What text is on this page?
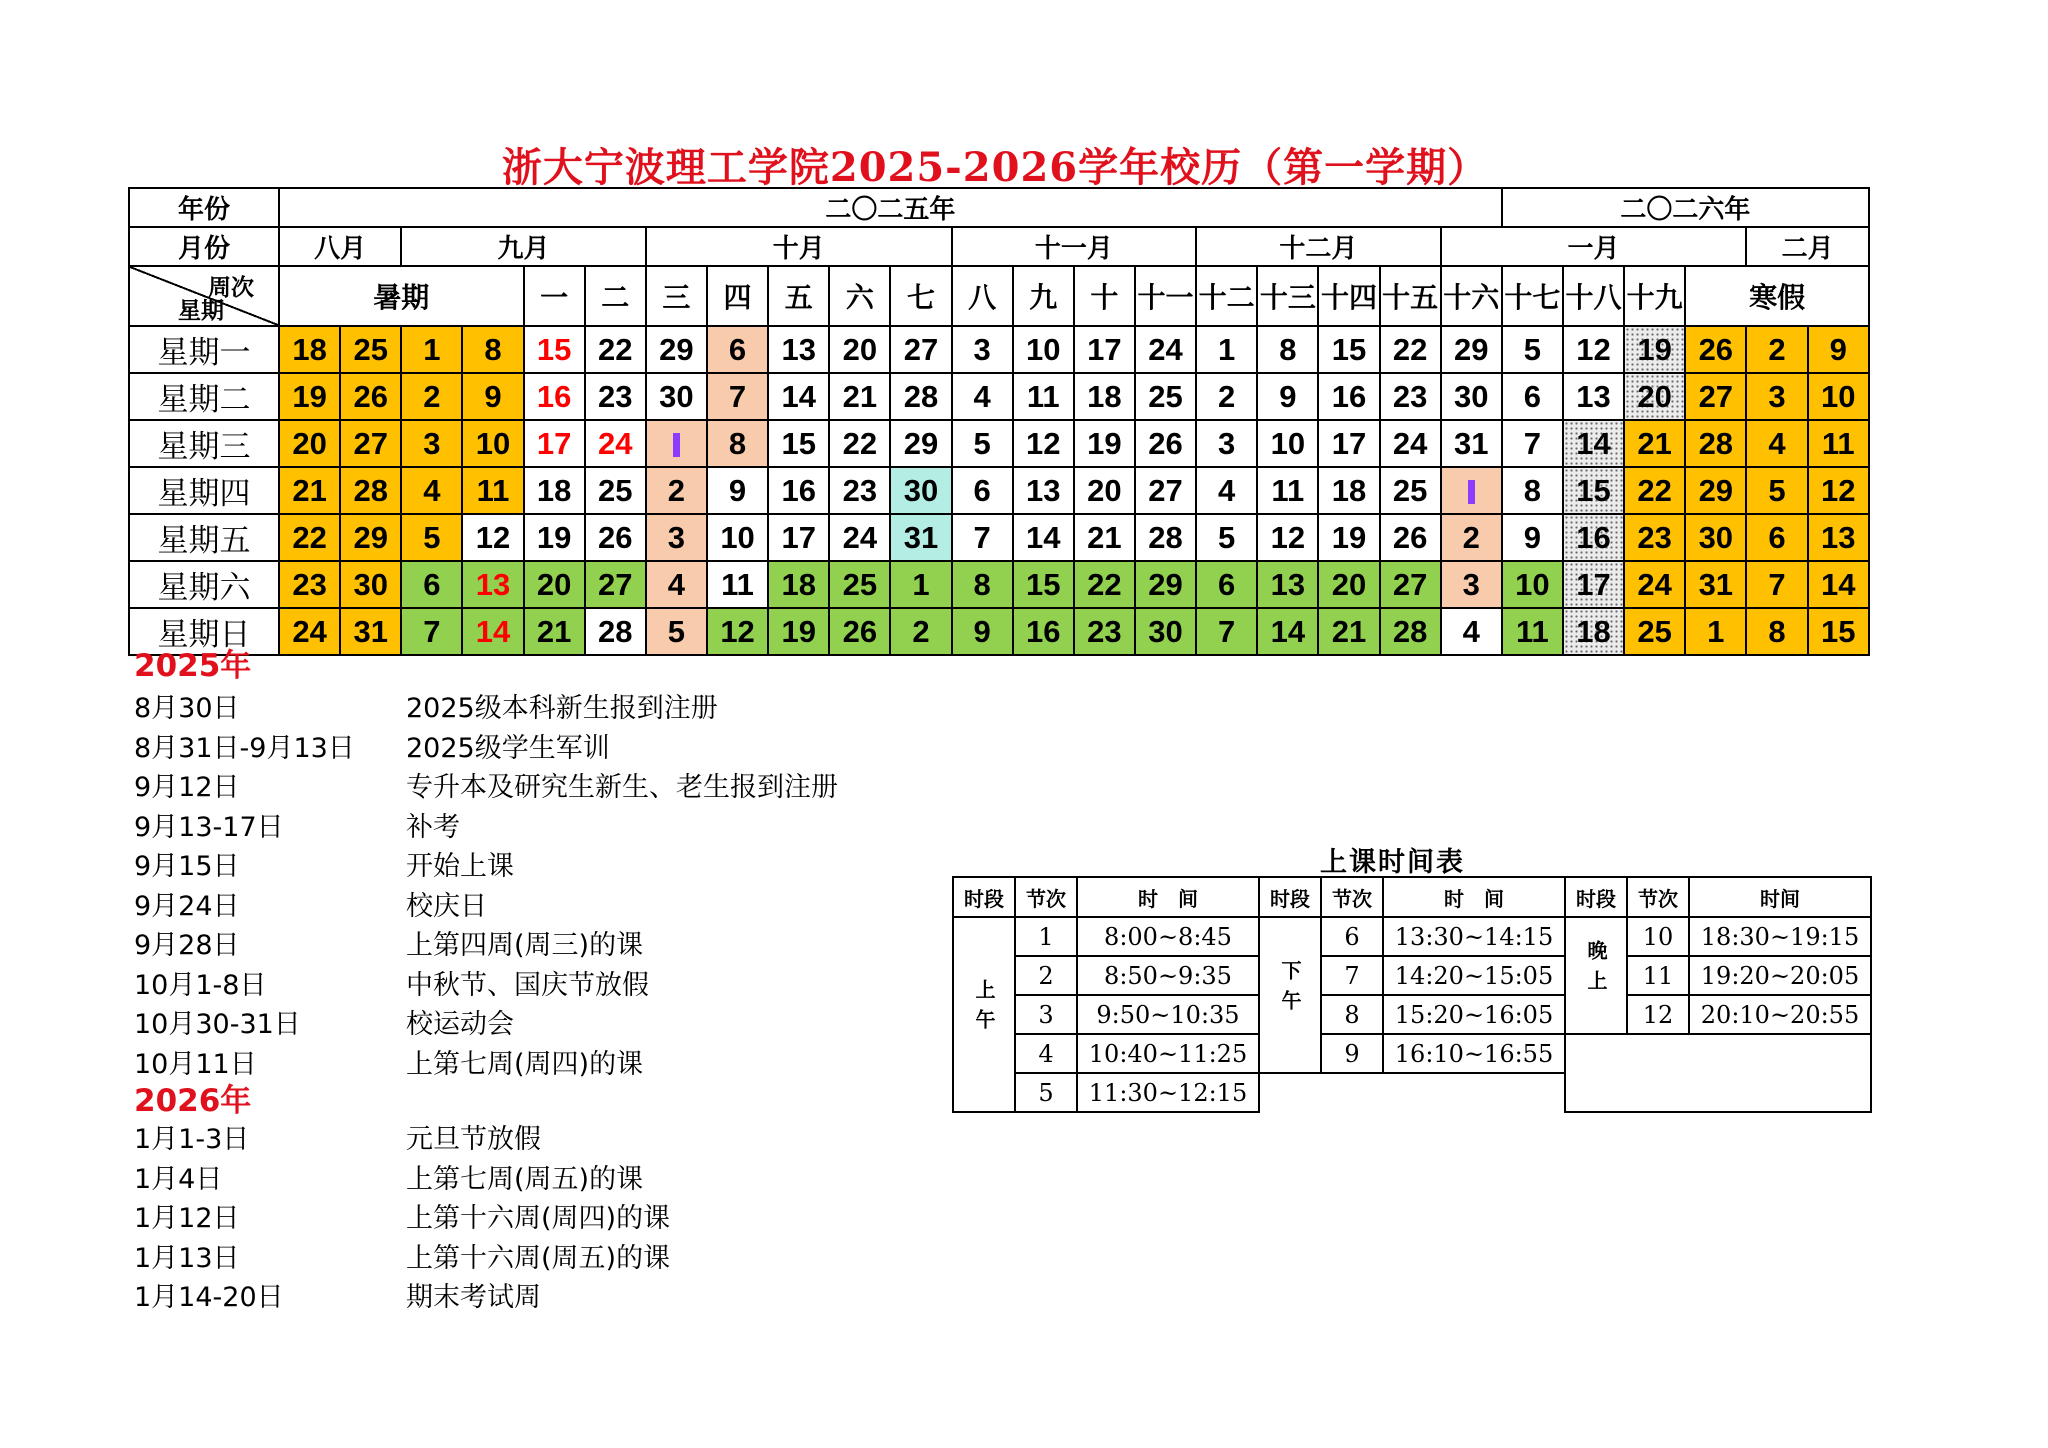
浙大宁波理工学院2025-2026学年校历（第一学期）
年份	二〇二五年																				二〇二六年					
月份	八月		九月				十月					十一月				十二月				一月					二月	

周次
星期	暑期				一	二	三	四	五	六	七	八	九	十	十一	十二	十三	十四	十五	十六	十七	十八	十九	寒假		
星期一	18	25	1	8	15	22	29	6	13	20	27	3	10	17	24	1	8	15	22	29	5	12	19	26	2	9
星期二	19	26	2	9	16	23	30	7	14	21	28	4	11	18	25	2	9	16	23	30	6	13	20	27	3	10
星期三	20	27	3	10	17	24		8	15	22	29	5	12	19	26	3	10	17	24	31	7	14	21	28	4	11
星期四	21	28	4	11	18	25	2	9	16	23	30	6	13	20	27	4	11	18	25		8	15	22	29	5	12
星期五	22	29	5	12	19	26	3	10	17	24	31	7	14	21	28	5	12	19	26	2	9	16	23	30	6	13
星期六	23	30	6	13	20	27	4	11	18	25	1	8	15	22	29	6	13	20	27	3	10	17	24	31	7	14
星期日	24	31	7	14	21	28	5	12	19	26	2	9	16	23	30	7	14	21	28	4	11	18	25	1	8	15
2025年
8月30日	2025级本科新生报到注册
8月31日-9月13日 2025级学生军训
9月12日	专升本及研究生新生、老生报到注册
9月13-17日	补考
9月15日	开始上课
9月24日	校庆日
9月28日	上第四周(周三)的课
10月1-8日	中秋节、国庆节放假
10月30-31日	校运动会
10月11日	上第七周(周四)的课
2026年
1月1-3日	元旦节放假
1月4日	上第七周(周五)的课
1月12日	上第十六周(周四)的课
1月13日	上第十六周(周五)的课
1月14-20日	期末考试周
上课时间表
时段	节次	时　间	时段	节次	时　间	时段	节次	时间
上午	1	8:00~8:45	下午	6	13:30~14:15	晚上	10	18:30~19:15
	2	8:50~9:35		7	14:20~15:05		11	19:20~20:05
	3	9:50~10:35		8	15:20~16:05		12	20:10~20:55
	4	10:40~11:25		9	16:10~16:55			
	5	11:30~12:15						
